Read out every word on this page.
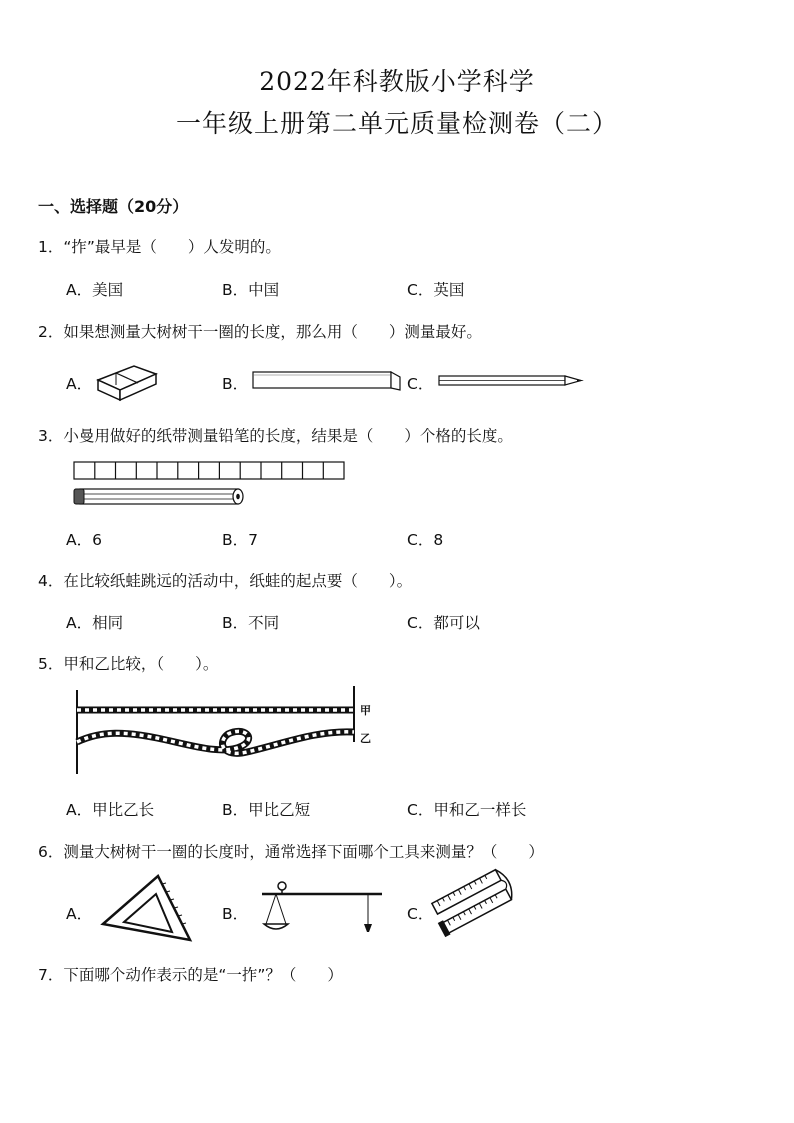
2022年科教版小学科学
一年级上册第二单元质量检测卷（二）
一、选择题（20分）
1．“拃”最早是（　　）人发明的。
A．美国	B．中国	C．英国
2．如果想测量大树树干一圈的长度，那么用（　　）测量最好。
A．	B．	C．
3．小曼用做好的纸带测量铅笔的长度，结果是（　　）个格的长度。
A．6	B．7	C．8
4．在比较纸蛙跳远的活动中，纸蛙的起点要（　　）。
A．相同	B．不同	C．都可以
5．甲和乙比较，（　　）。
甲
乙
A．甲比乙长	B．甲比乙短	C．甲和乙一样长
6．测量大树树干一圈的长度时，通常选择下面哪个工具来测量？（　　）
A．	B．	C．
7．下面哪个动作表示的是“一拃”？（　　）
